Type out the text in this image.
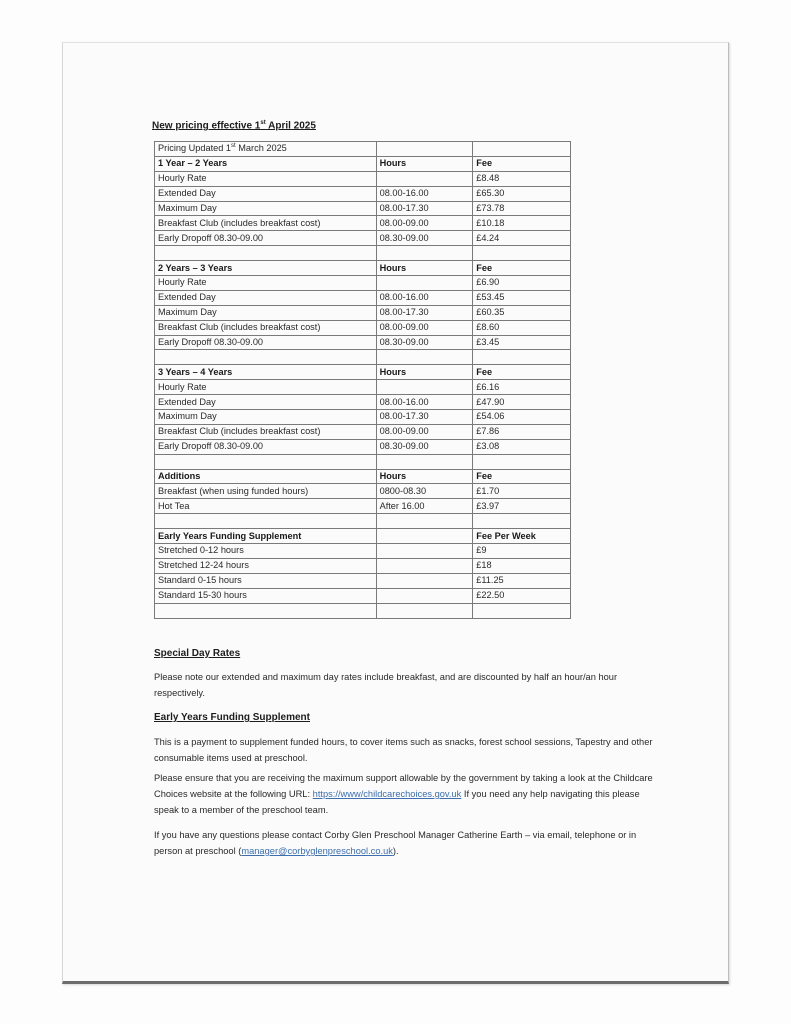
New pricing effective 1st April 2025
Pricing Updated 1st March 2025		
1 Year – 2 Years	Hours	Fee
Hourly Rate		£8.48
Extended Day	08.00-16.00	£65.30
Maximum Day	08.00-17.30	£73.78
Breakfast Club (includes breakfast cost)	08.00-09.00	£10.18
Early Dropoff 08.30-09.00	08.30-09.00	£4.24

2 Years – 3 Years	Hours	Fee
Hourly Rate		£6.90
Extended Day	08.00-16.00	£53.45
Maximum Day	08.00-17.30	£60.35
Breakfast Club (includes breakfast cost)	08.00-09.00	£8.60
Early Dropoff 08.30-09.00	08.30-09.00	£3.45

3 Years – 4 Years	Hours	Fee
Hourly Rate		£6.16
Extended Day	08.00-16.00	£47.90
Maximum Day	08.00-17.30	£54.06
Breakfast Club (includes breakfast cost)	08.00-09.00	£7.86
Early Dropoff 08.30-09.00	08.30-09.00	£3.08

Additions	Hours	Fee
Breakfast (when using funded hours)	0800-08.30	£1.70
Hot Tea	After 16.00	£3.97

Early Years Funding Supplement		Fee Per Week
Stretched 0-12 hours		£9
Stretched 12-24 hours		£18
Standard 0-15 hours		£11.25
Standard 15-30 hours		£22.50

Special Day Rates
Please note our extended and maximum day rates include breakfast, and are discounted by half an hour/an hour respectively.
Early Years Funding Supplement
This is a payment to supplement funded hours, to cover items such as snacks, forest school sessions, Tapestry and other consumable items used at preschool.
Please ensure that you are receiving the maximum support allowable by the government by taking a look at the Childcare Choices website at the following URL: https://www/childcarechoices.gov.uk If you need any help navigating this please speak to a member of the preschool team.
If you have any questions please contact Corby Glen Preschool Manager Catherine Earth – via email, telephone or in person at preschool (manager@corbyglenpreschool.co.uk).
